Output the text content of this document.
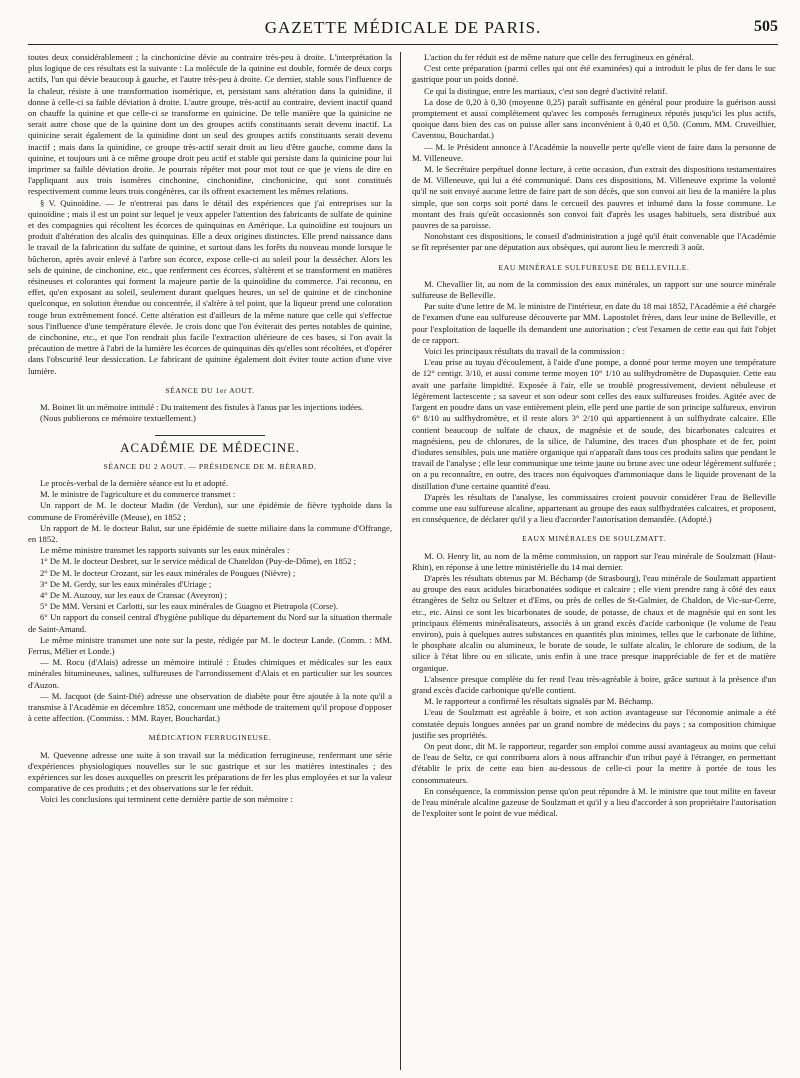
GAZETTE MÉDICALE DE PARIS.	505

toutes deux considérablement ; la cinchonicine dévie au contraire très-peu à droite. L'interprétation la plus logique de ces résultats est la suivante : La molécule de la quinine est double, formée de deux corps actifs, l'un qui dévie beaucoup à gauche, et l'autre très-peu à droite. Ce dernier, stable sous l'influence de la chaleur, résiste à une transformation isomérique, et, persistant sans altération dans la quinidine, il donne à celle-ci sa faible déviation à droite. L'autre groupe, très-actif au contraire, devient inactif quand on chauffe la quinine et que celle-ci se transforme en quinicine. De telle manière que la quinicine ne serait autre chose que de la quinine dont un des groupes actifs constituants serait devenu inactif. La quinicine serait également de la quinidine dont un seul des groupes actifs constituants serait devenu inactif ; mais dans la quinidine, ce groupe très-actif serait droit au lieu d'être gauche, comme dans la quinine, et toujours uni à ce même groupe droit peu actif et stable qui persiste dans la quinicine pour lui imprimer sa faible déviation droite. Je pourrais répéter mot pour mot tout ce que je viens de dire en l'appliquant aux trois isomères cinchonine, cinchonidine, cinchonicine, qui sont constitués respectivement comme leurs trois congénères, car ils offrent exactement les mêmes relations.

§ V. Quinoïdine. — Je n'entrerai pas dans le détail des expériences que j'ai entreprises sur la quinoïdine ; mais il est un point sur lequel je veux appeler l'attention des fabricants de sulfate de quinine et des compagnies qui récoltent les écorces de quinquinas en Amérique. La quinoïdine est toujours un produit d'altération des alcalis des quinquinas. Elle a deux origines distinctes. Elle prend naissance dans le travail de la fabrication du sulfate de quinine, et surtout dans les forêts du nouveau monde lorsque le bûcheron, après avoir enlevé à l'arbre son écorce, expose celle-ci au soleil pour la dessécher. Alors les sels de quinine, de cinchonine, etc., que renferment ces écorces, s'altèrent et se transforment en matières résineuses et colorantes qui forment la majeure partie de la quinoïdine du commerce. J'ai reconnu, en effet, qu'en exposant au soleil, seulement durant quelques heures, un sel de quinine et de cinchonine quelconque, en solution étendue ou concentrée, il s'altère à tel point, que la liqueur prend une coloration rouge brun extrêmement foncé. Cette altération est d'ailleurs de la même nature que celle qui s'effectue sous l'influence d'une température élevée. Je crois donc que l'on éviterait des pertes notables de quinine, de cinchonine, etc., et que l'on rendrait plus facile l'extraction ultérieure de ces bases, si l'on avait la précaution de mettre à l'abri de la lumière les écorces de quinquinas dès qu'elles sont récoltées, et d'opérer dans l'obscurité leur dessiccation. Le fabricant de quinine également doit éviter toute action d'une vive lumière.

SÉANCE DU 1er AOUT.

M. Boinet lit un mémoire intitulé : Du traitement des fistules à l'anus par les injections iodées.

(Nous publierons ce mémoire textuellement.)

ACADÉMIE DE MÉDECINE.
SÉANCE DU 2 AOUT. — PRÉSIDENCE DE M. BÉRARD.

Le procès-verbal de la dernière séance est lu et adopté.

M. le ministre de l'agriculture et du commerce transmet :

Un rapport de M. le docteur Madin (de Verdun), sur une épidémie de fièvre typhoïde dans la commune de Fromérèville (Meuse), en 1852 ;

Un rapport de M. le docteur Balut, sur une épidémie de suette miliaire dans la commune d'Offrange, en 1852.

Le même ministre transmet les rapports suivants sur les eaux minérales :

1° De M. le docteur Desbret, sur le service médical de Chateldon (Puy-de-Dôme), en 1852 ;

2° De M. le docteur Crozant, sur les eaux minérales de Pougues (Nièvre) ;

3° De M. Gerdy, sur les eaux minérales d'Uriage ;

4° De M. Auzouy, sur les eaux de Cransac (Aveyron) ;

5° De MM. Versini et Carlotti, sur les eaux minérales de Guagno et Pietrapola (Corse).

6° Un rapport du conseil central d'hygiène publique du département du Nord sur la situation thermale de Saint-Amand.

Le même ministre transmet une note sur la peste, rédigée par M. le docteur Lande. (Comm. : MM. Ferrus, Mélier et Londe.)

— M. Rocu (d'Alais) adresse un mémoire intitulé : Études chimiques et médicales sur les eaux minérales bitumineuses, salines, sulfureuses de l'arrondissement d'Alais et en particulier sur les sources d'Auzon.

— M. Jacquot (de Saint-Dié) adresse une observation de diabète pour être ajoutée à la note qu'il a transmise à l'Académie en décembre 1852, concernant une méthode de traitement qu'il propose d'opposer à cette affection. (Commiss. : MM. Rayer, Bouchardat.)

MÉDICATION FERRUGINEUSE.

M. Quevenne adresse une suite à son travail sur la médication ferrugineuse, renfermant une série d'expériences physiologiques nouvelles sur le suc gastrique et sur les matières intestinales ; des expériences sur les doses auxquelles on prescrit les préparations de fer les plus employées et sur la valeur comparative de ces produits ; et des observations sur le fer réduit.

Voici les conclusions qui terminent cette dernière partie de son mémoire :

L'action du fer réduit est de même nature que celle des ferrugineux en général.

C'est cette préparation (parmi celles qui ont été examinées) qui a introduit le plus de fer dans le suc gastrique pour un poids donné.

Ce qui la distingue, entre les martiaux, c'est son degré d'activité relatif.

La dose de 0,20 à 0,30 (moyenne 0,25) paraît suffisante en général pour produire la guérison aussi promptement et aussi complétement qu'avec les composés ferrugineux réputés jusqu'ici les plus actifs, quoique dans bien des cas on puisse aller sans inconvénient à 0,40 et 0,50. (Comm. MM. Cruveilhier, Caventou, Bouchardat.)

— M. le Président annonce à l'Académie la nouvelle perte qu'elle vient de faire dans la personne de M. Villeneuve.

M. le Secrétaire perpétuel donne lecture, à cette occasion, d'un extrait des dispositions testamentaires de M. Villeneuve, qui lui a été communiqué. Dans ces dispositions, M. Villeneuve exprime la volonté qu'il ne soit envoyé aucune lettre de faire part de son décès, que son convoi ait lieu de la manière la plus simple, que son corps soit porté dans le cercueil des pauvres et inhumé dans la fosse commune. Le montant des frais qu'eût occasionnés son convoi fait d'après les usages habituels, sera distribué aux pauvres de sa paroisse.

Nonobstant ces dispositions, le conseil d'administration a jugé qu'il était convenable que l'Académie se fît représenter par une députation aux obsèques, qui auront lieu le mercredi 3 août.

EAU MINÉRALE SULFUREUSE DE BELLEVILLE.

M. Chevallier lit, au nom de la commission des eaux minérales, un rapport sur une source minérale sulfureuse de Belleville.

Par suite d'une lettre de M. le ministre de l'intérieur, en date du 18 mai 1852, l'Académie a été chargée de l'examen d'une eau sulfureuse découverte par MM. Lapostolet frères, dans leur usine de Belleville, et pour l'exploitation de laquelle ils demandent une autorisation ; c'est l'examen de cette eau qui fait l'objet de ce rapport.

Voici les principaux résultats du travail de la commission :

L'eau prise au tuyau d'écoulement, à l'aide d'une pompe, a donné pour terme moyen une température de 12° centigr. 3/10, et aussi comme terme moyen 10° 1/10 au sulfhydromètre de Dupasquier. Cette eau avait une parfaite limpidité. Exposée à l'air, elle se troublé progressivement, devient nébuleuse et légèrement lactescente ; sa saveur et son odeur sont celles des eaux sulfureuses froides. Agitée avec de l'argent en poudre dans un vase entièrement plein, elle perd une partie de son principe sulfureux, environ 6° 8/10 au sulfhydromètre, et il reste alors 3° 2/10 qui appartiennent à un sulfhydrate calcaire. Elle contient beaucoup de sulfate de chaux, de magnésie et de soude, des bicarbonates calcaires et magnésiens, peu de chlorures, de la silice, de l'alumine, des traces d'un phosphate et de fer, point d'iodures sensibles, puis une matière organique qui n'apparaît dans tous ces produits salins que pendant le travail de l'analyse ; elle leur communique une teinte jaune ou brune avec une odeur légèrement sulfurée ; on a pu reconnaître, en outre, des traces non équivoques d'ammoniaque dans le liquide provenant de la distillation d'une certaine quantité d'eau.

D'après les résultats de l'analyse, les commissaires croient pouvoir considérer l'eau de Belleville comme une eau sulfureuse alcaline, appartenant au groupe des eaux sulfhydratées calcaires, et proposent, en conséquence, de déclarer qu'il y a lieu d'accorder l'autorisation demandée. (Adopté.)

EAUX MINÉRALES DE SOULZMATT.

M. O. Henry lit, au nom de la même commission, un rapport sur l'eau minérale de Soulzmatt (Haut-Rhin), en réponse à une lettre ministérielle du 14 mai dernier.

D'après les résultats obtenus par M. Béchamp (de Strasbourg), l'eau minérale de Soulzmatt appartient au groupe des eaux acidules bicarbonatées sodique et calcaire ; elle vient prendre rang à côté des eaux étrangères de Seltz ou Seltzer et d'Ems, ou près de celles de St-Galmier, de Chaldon, de Vic-sur-Cerre, etc., etc. Ainsi ce sont les bicarbonates de soude, de potasse, de chaux et de magnésie qui en sont les principaux éléments minéralisateurs, associés à un grand excès d'acide carbonique (le volume de l'eau environ), puis à quelques autres substances en quantités plus minimes, telles que le carbonate de lithine, le phosphate alcalin ou alumineux, le borate de soude, le sulfate alcalin, le chlorure de sodium, de la silice à l'état libre ou en silicate, unis enfin à une trace presque inappréciable de fer et de matière organique.

L'absence presque complète du fer rend l'eau très-agréable à boire, grâce surtout à la présence d'un grand excès d'acide carbonique qu'elle contient.

M. le rapporteur a confirmé les résultats signalés par M. Béchamp.

L'eau de Soulzmatt est agréable à boire, et son action avantageuse sur l'économie animale a été constatée depuis longues années par un grand nombre de médecins du pays ; sa composition chimique justifie ses propriétés.

On peut donc, dit M. le rapporteur, regarder son emploi comme aussi avantageux au moins que celui de l'eau de Seltz, ce qui contribuera alors à nous affranchir d'un tribut payé à l'étranger, en permettant d'établir le prix de cette eau bien au-dessous de celle-ci pour la mettre à portée de tous les consommateurs.

En conséquence, la commission pense qu'on peut répondre à M. le ministre que tout milite en faveur de l'eau minérale alcaline gazeuse de Soulzmatt et qu'il y a lieu d'accorder à son propriétaire l'autorisation de l'exploiter sont le point de vue médical.
